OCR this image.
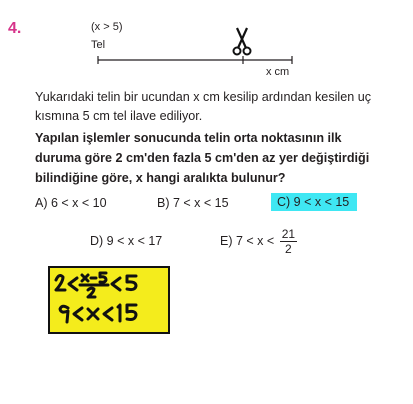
4.	(x > 5)
Tel
x cm
Yukarıdaki telin bir ucundan x cm kesilip ardından kesilen uç kısmına 5 cm tel ilave ediliyor.
Yapılan işlemler sonucunda telin orta noktasının ilk duruma göre 2 cm'den fazla 5 cm'den az yer değiştirdiği bilindiğine göre, x hangi aralıkta bulunur?
A) 6 < x < 10	B) 7 < x < 15	C) 9 < x < 15
D) 9 < x < 17	E) $7 < x < \frac{21}{2}$
